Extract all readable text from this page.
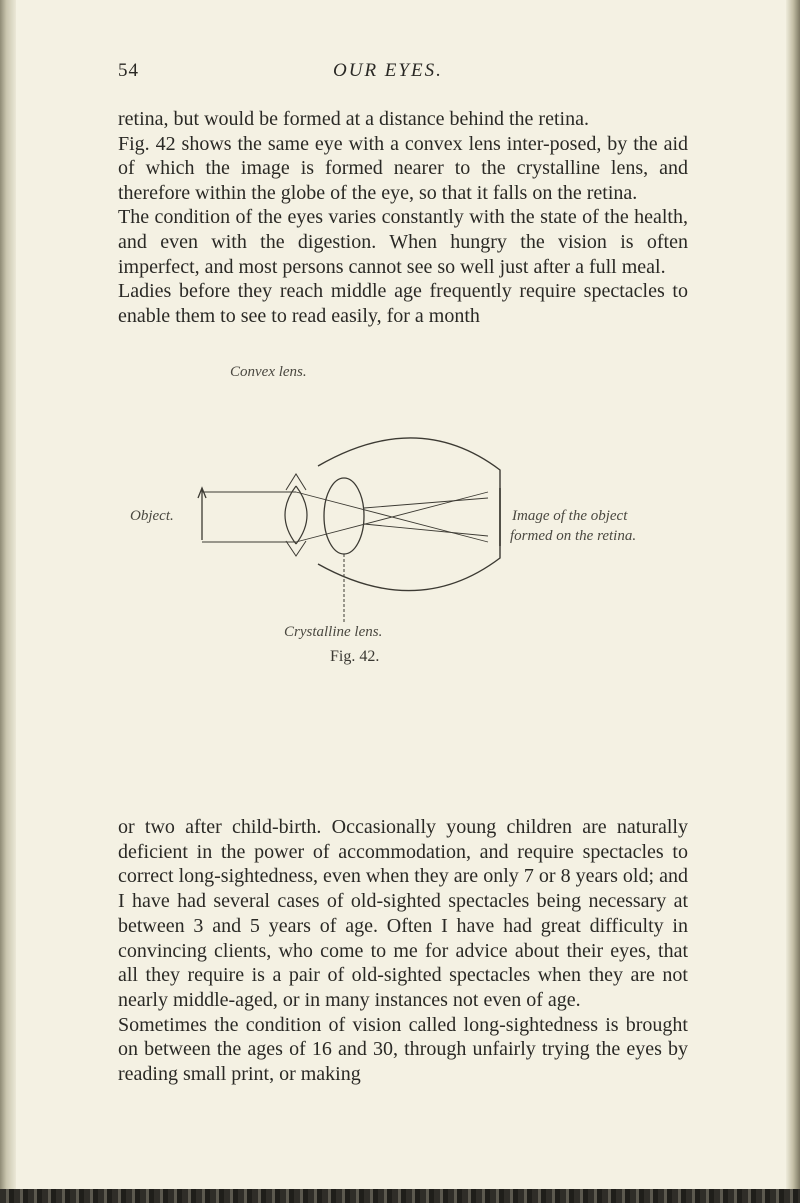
54	OUR EYES.

retina, but would be formed at a distance behind the retina.

Fig. 42 shows the same eye with a convex lens inter-posed, by the aid of which the image is formed nearer to the crystalline lens, and therefore within the globe of the eye, so that it falls on the retina.

The condition of the eyes varies constantly with the state of the health, and even with the digestion. When hungry the vision is often imperfect, and most persons cannot see so well just after a full meal.

Ladies before they reach middle age frequently require spectacles to enable them to see to read easily, for a month

Convex lens.
Object.	Image of the object
formed on the retina.
Crystalline lens.
Fig. 42.

or two after child-birth. Occasionally young children are naturally deficient in the power of accommodation, and require spectacles to correct long-sightedness, even when they are only 7 or 8 years old; and I have had several cases of old-sighted spectacles being necessary at between 3 and 5 years of age. Often I have had great difficulty in convincing clients, who come to me for advice about their eyes, that all they require is a pair of old-sighted spectacles when they are not nearly middle-aged, or in many instances not even of age.

Sometimes the condition of vision called long-sightedness is brought on between the ages of 16 and 30, through unfairly trying the eyes by reading small print, or making
